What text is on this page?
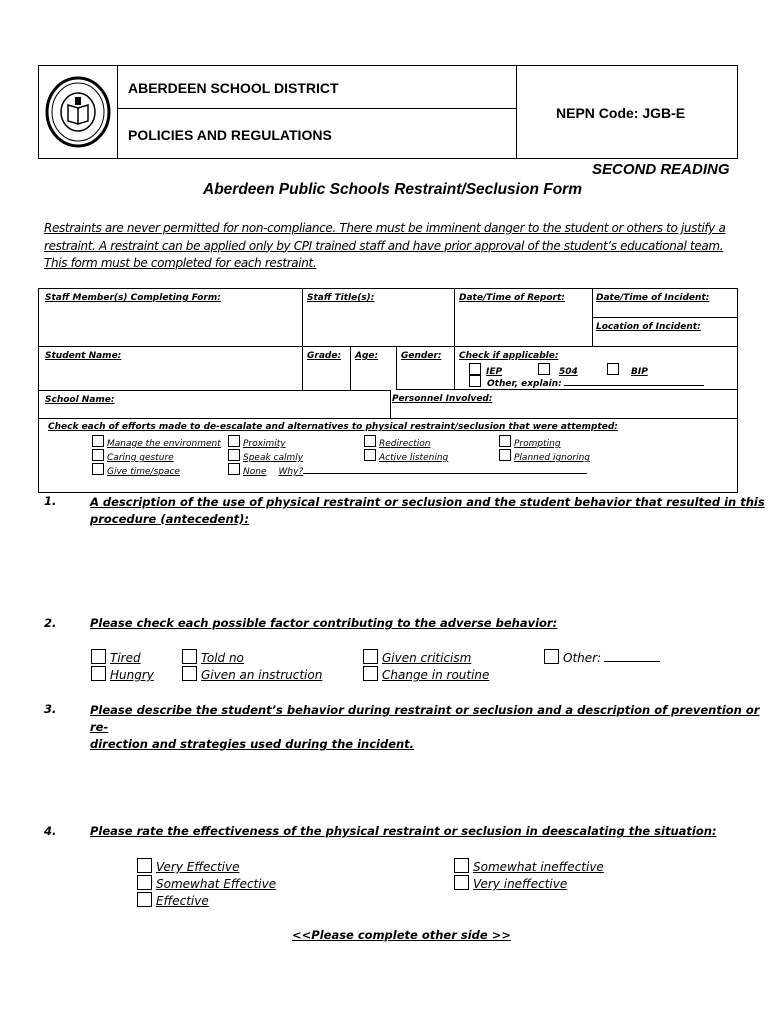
ABERDEEN SCHOOL DISTRICT
POLICIES AND REGULATIONS
NEPN Code: JGB-E
SECOND READING
Aberdeen Public Schools Restraint/Seclusion Form
Restraints are never permitted for non-compliance. There must be imminent danger to the student or others to justify a
restraint. A restraint can be applied only by CPI trained staff and have prior approval of the student’s educational team.
This form must be completed for each restraint.
Staff Member(s) Completing Form:	Staff Title(s):	Date/Time of Report:	Date/Time of Incident:
Location of Incident:
Student Name:	Grade: Age:	Gender: Check if applicable:
IEP	504	BIP
Other, explain:
School Name:	Personnel Involved:
Check each of efforts made to de-escalate and alternatives to physical restraint/seclusion that were attempted:
Manage the environment	Proximity	Redirection	Prompting
Caring gesture	Speak calmly	Active listening	Planned ignoring
Give time/space	None Why?
1.	A description of the use of physical restraint or seclusion and the student behavior that resulted in this
procedure (antecedent):
2.	Please check each possible factor contributing to the adverse behavior:
Tired	Told no	Given criticism	Other:
Hungry	Given an instruction	Change in routine
3.	Please describe the student’s behavior during restraint or seclusion and a description of prevention or re-
direction and strategies used during the incident.
4.	Please rate the effectiveness of the physical restraint or seclusion in deescalating the situation:
Very Effective	Somewhat ineffective
Somewhat Effective	Very ineffective
Effective
<<Please complete other side >>
